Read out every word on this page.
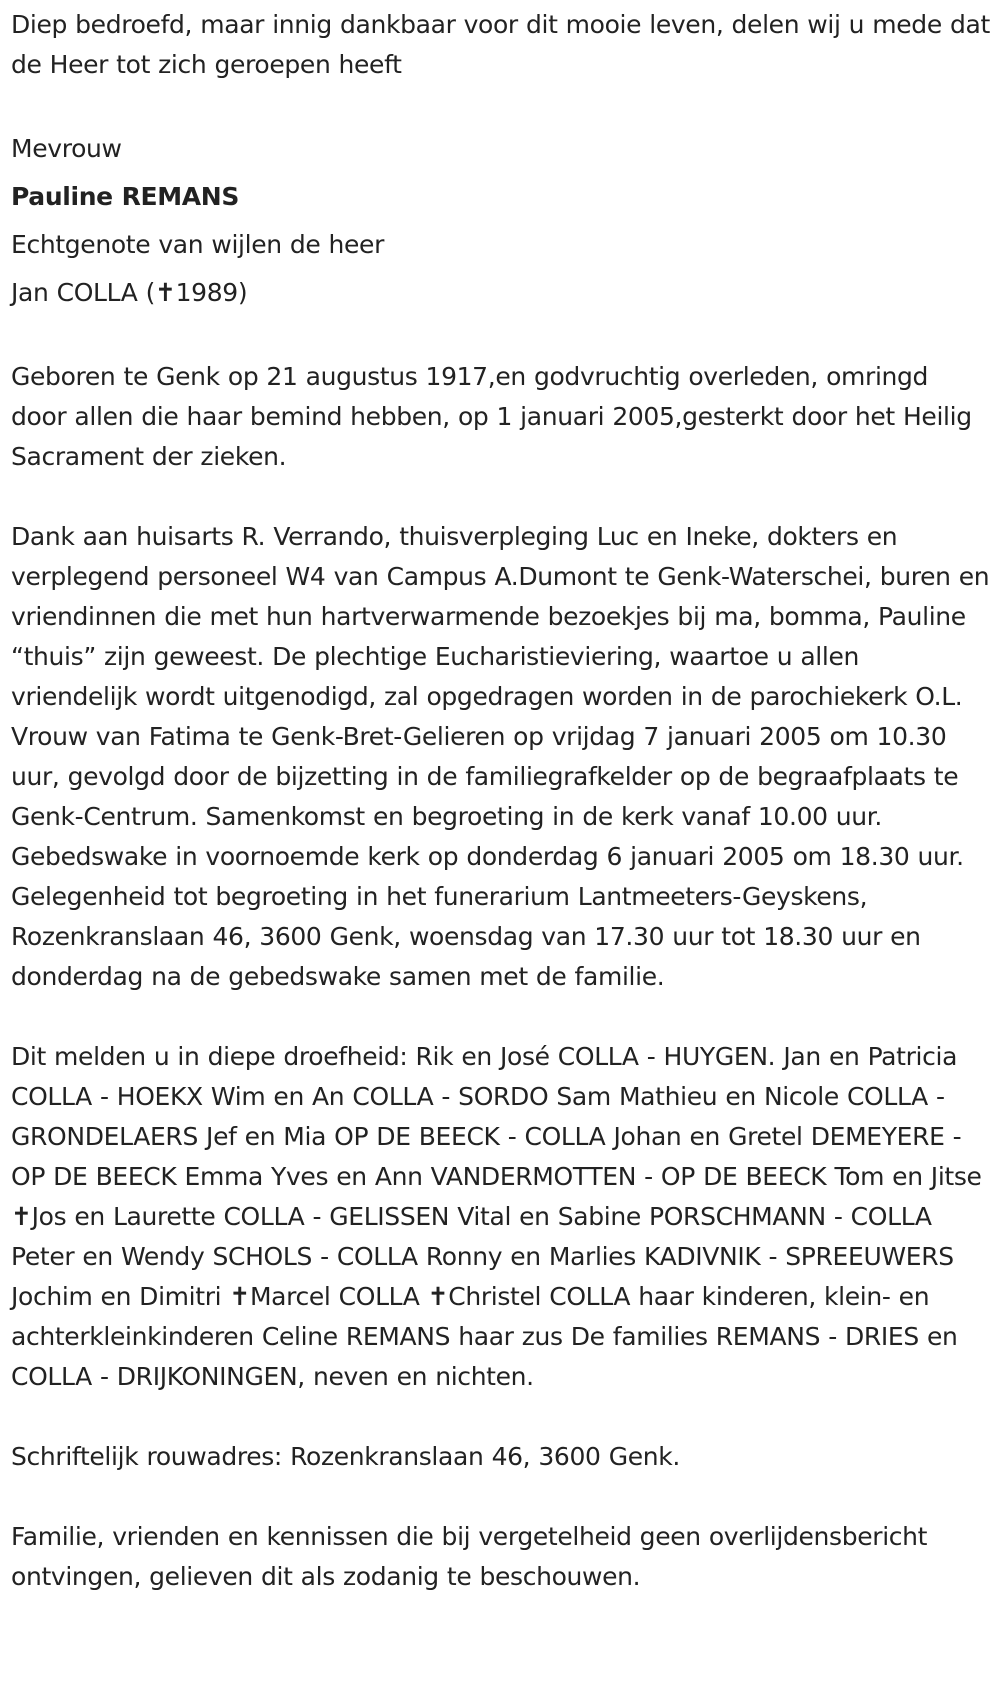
Diep bedroefd, maar innig dankbaar voor dit mooie leven, delen wij u mede dat de Heer tot zich geroepen heeft

Mevrouw

Pauline REMANS

Echtgenote van wijlen de heer

Jan COLLA (✝1989)

Geboren te Genk op 21 augustus 1917,en godvruchtig overleden, omringd door allen die haar bemind hebben, op 1 januari 2005,gesterkt door het Heilig Sacrament der zieken.

Dank aan huisarts R. Verrando, thuisverpleging Luc en Ineke, dokters en verplegend personeel W4 van Campus A.Dumont te Genk-Waterschei, buren en vriendinnen die met hun hartverwarmende bezoekjes bij ma, bomma, Pauline “thuis” zijn geweest. De plechtige Eucharistieviering, waartoe u allen vriendelijk wordt uitgenodigd, zal opgedragen worden in de parochiekerk O.L. Vrouw van Fatima te Genk-Bret-Gelieren op vrijdag 7 januari 2005 om 10.30 uur, gevolgd door de bijzetting in de familiegrafkelder op de begraafplaats te Genk-Centrum. Samenkomst en begroeting in de kerk vanaf 10.00 uur. Gebedswake in voornoemde kerk op donderdag 6 januari 2005 om 18.30 uur. Gelegenheid tot begroeting in het funerarium Lantmeeters-Geyskens, Rozenkranslaan 46, 3600 Genk, woensdag van 17.30 uur tot 18.30 uur en donderdag na de gebedswake samen met de familie.

Dit melden u in diepe droefheid: Rik en José COLLA - HUYGEN. Jan en Patricia COLLA - HOEKX Wim en An COLLA - SORDO Sam Mathieu en Nicole COLLA - GRONDELAERS Jef en Mia OP DE BEECK - COLLA Johan en Gretel DEMEYERE - OP DE BEECK Emma Yves en Ann VANDERMOTTEN - OP DE BEECK Tom en Jitse ✝Jos en Laurette COLLA - GELISSEN Vital en Sabine PORSCHMANN - COLLA Peter en Wendy SCHOLS - COLLA Ronny en Marlies KADIVNIK - SPREEUWERS Jochim en Dimitri ✝Marcel COLLA ✝Christel COLLA haar kinderen, klein- en achterkleinkinderen Celine REMANS haar zus De families REMANS - DRIES en COLLA - DRIJKONINGEN, neven en nichten.

Schriftelijk rouwadres: Rozenkranslaan 46, 3600 Genk.

Familie, vrienden en kennissen die bij vergetelheid geen overlijdensbericht ontvingen, gelieven dit als zodanig te beschouwen.
